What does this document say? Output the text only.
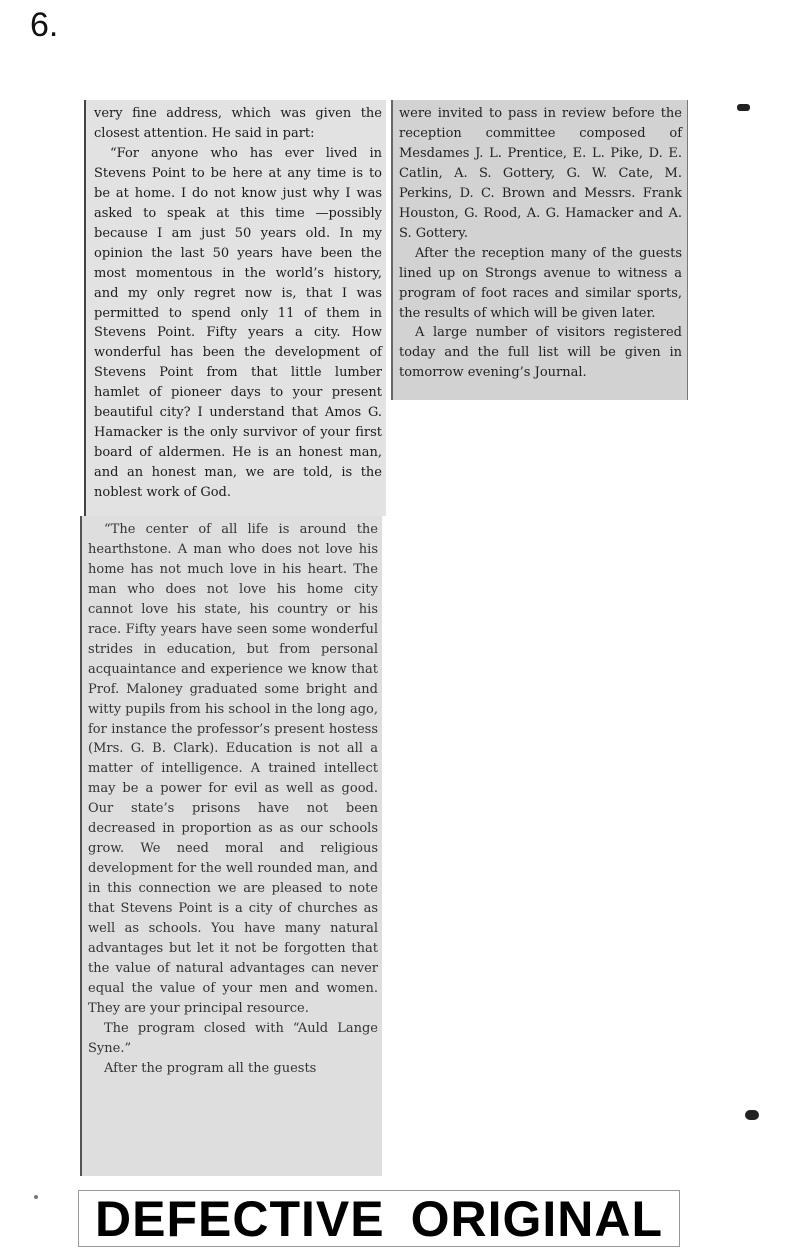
6.

very fine address, which was given the closest attention. He said in part:

“For anyone who has ever lived in Stevens Point to be here at any time is to be at home. I do not know just why I was asked to speak at this time —possibly because I am just 50 years old. In my opinion the last 50 years have been the most momentous in the world’s history, and my only regret now is, that I was permitted to spend only 11 of them in Stevens Point. Fifty years a city. How wonderful has been the development of Stevens Point from that little lumber hamlet of pioneer days to your present beautiful city? I understand that Amos G. Hamacker is the only survivor of your first board of aldermen. He is an honest man, and an honest man, we are told, is the noblest work of God.

“The center of all life is around the hearthstone. A man who does not love his home has not much love in his heart. The man who does not love his home city cannot love his state, his country or his race. Fifty years have seen some wonderful strides in education, but from personal acquaintance and experience we know that Prof. Maloney graduated some bright and witty pupils from his school in the long ago, for instance the professor’s present hostess (Mrs. G. B. Clark). Education is not all a matter of intelligence. A trained intellect may be a power for evil as well as good. Our state’s prisons have not been decreased in proportion as as our schools grow. We need moral and religious development for the well rounded man, and in this connection we are pleased to note that Stevens Point is a city of churches as well as schools. You have many natural advantages but let it not be forgotten that the value of natural advantages can never equal the value of your men and women. They are your principal resource.

The program closed with “Auld Lange Syne.”

After the program all the guests

were invited to pass in review before the reception committee composed of Mesdames J. L. Prentice, E. L. Pike, D. E. Catlin, A. S. Gottery, G. W. Cate, M. Perkins, D. C. Brown and Messrs. Frank Houston, G. Rood, A. G. Hamacker and A. S. Gottery.

After the reception many of the guests lined up on Strongs avenue to witness a program of foot races and similar sports, the results of which will be given later.

A large number of visitors registered today and the full list will be given in tomorrow evening’s Journal.

DEFECTIVE ORIGINAL
